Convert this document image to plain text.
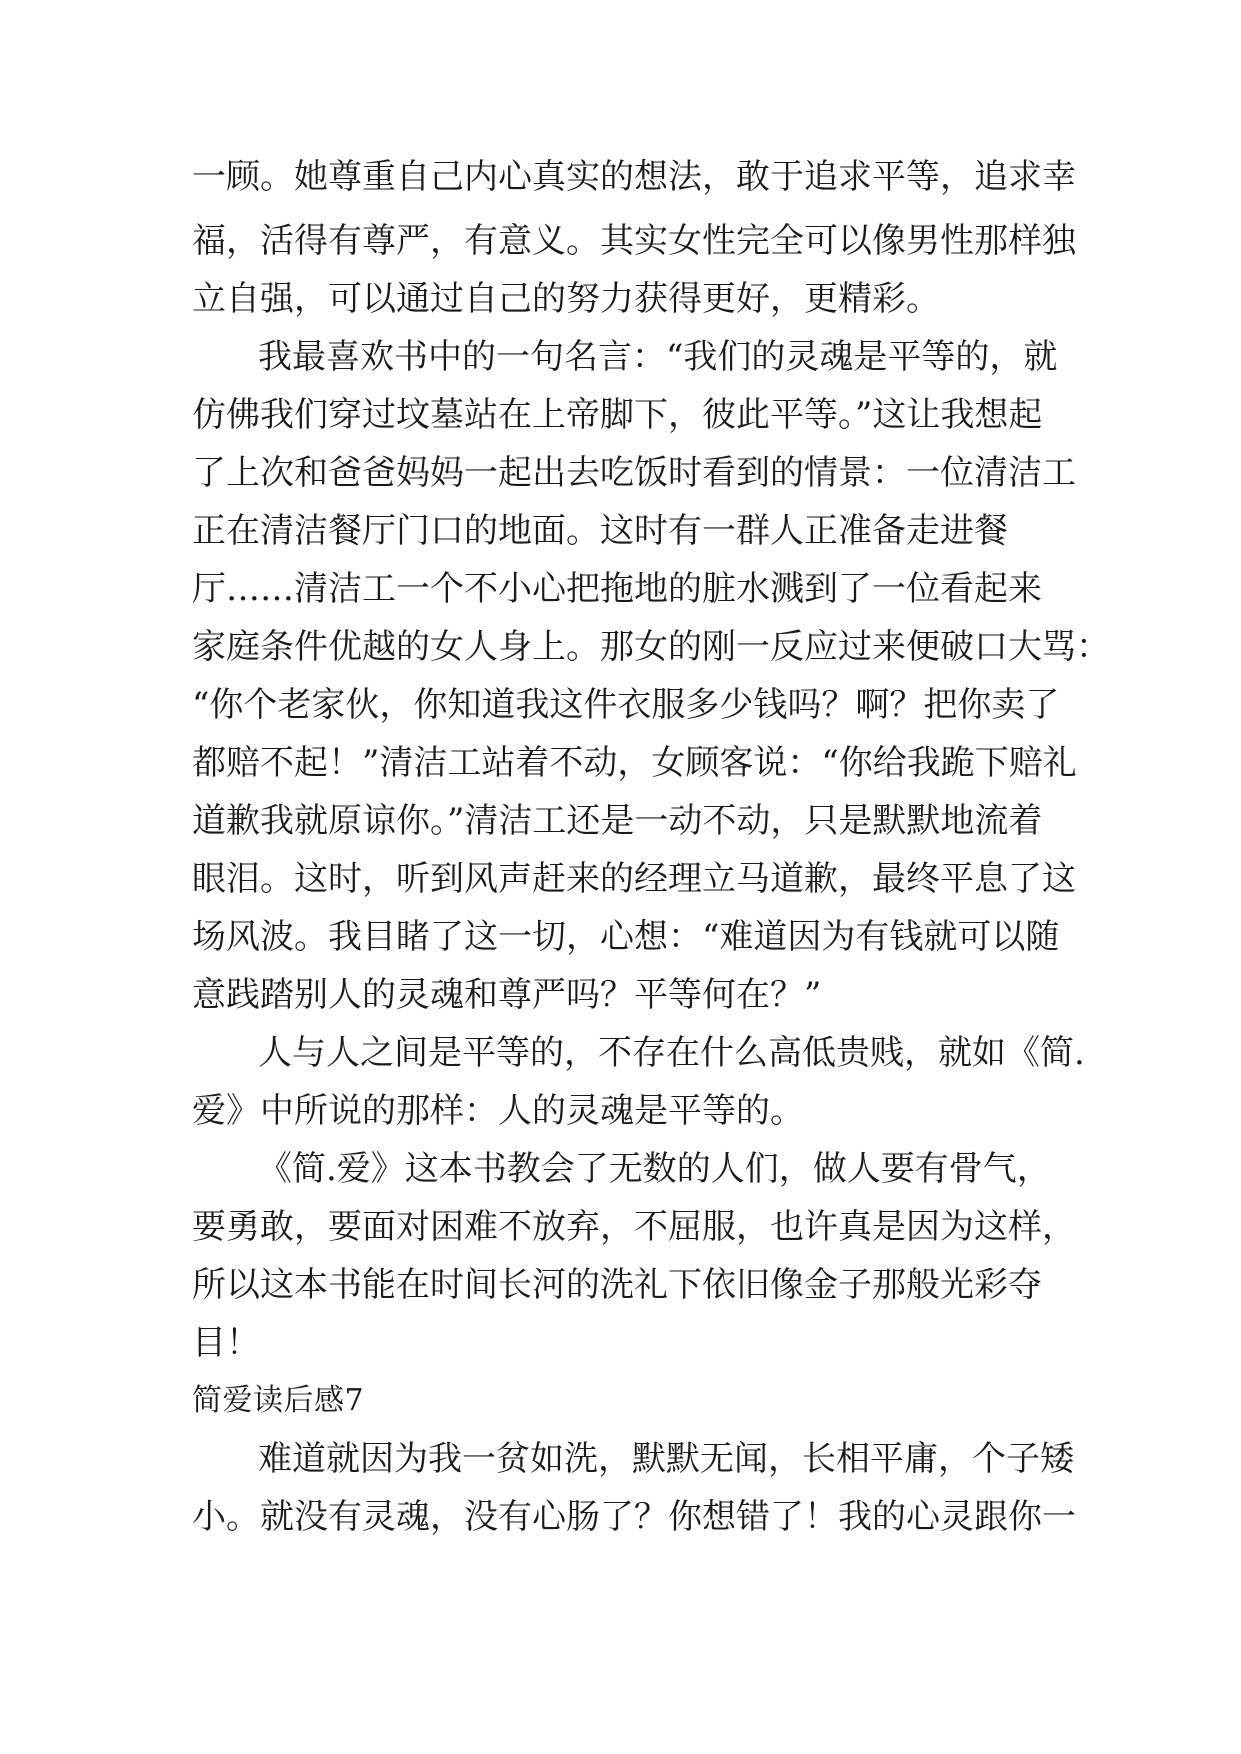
一顾。她尊重自己内心真实的想法，敢于追求平等，追求幸
福，活得有尊严，有意义。其实女性完全可以像男性那样独
立自强，可以通过自己的努力获得更好，更精彩。
我最喜欢书中的一句名言：“我们的灵魂是平等的，就
仿佛我们穿过坟墓站在上帝脚下，彼此平等。”这让我想起
了上次和爸爸妈妈一起出去吃饭时看到的情景：一位清洁工
正在清洁餐厅门口的地面。这时有一群人正准备走进餐
厅……清洁工一个不小心把拖地的脏水溅到了一位看起来
家庭条件优越的女人身上。那女的刚一反应过来便破口大骂：
“你个老家伙，你知道我这件衣服多少钱吗？啊？把你卖了
都赔不起！”清洁工站着不动，女顾客说：“你给我跪下赔礼
道歉我就原谅你。”清洁工还是一动不动，只是默默地流着
眼泪。这时，听到风声赶来的经理立马道歉，最终平息了这
场风波。我目睹了这一切，心想：“难道因为有钱就可以随
意践踏别人的灵魂和尊严吗？平等何在？”
人与人之间是平等的，不存在什么高低贵贱，就如《简.
爱》中所说的那样：人的灵魂是平等的。
《简.爱》这本书教会了无数的人们，做人要有骨气，
要勇敢，要面对困难不放弃，不屈服，也许真是因为这样，
所以这本书能在时间长河的洗礼下依旧像金子那般光彩夺
目！
简爱读后感7
难道就因为我一贫如洗，默默无闻，长相平庸，个子矮
小。就没有灵魂，没有心肠了？你想错了！我的心灵跟你一
